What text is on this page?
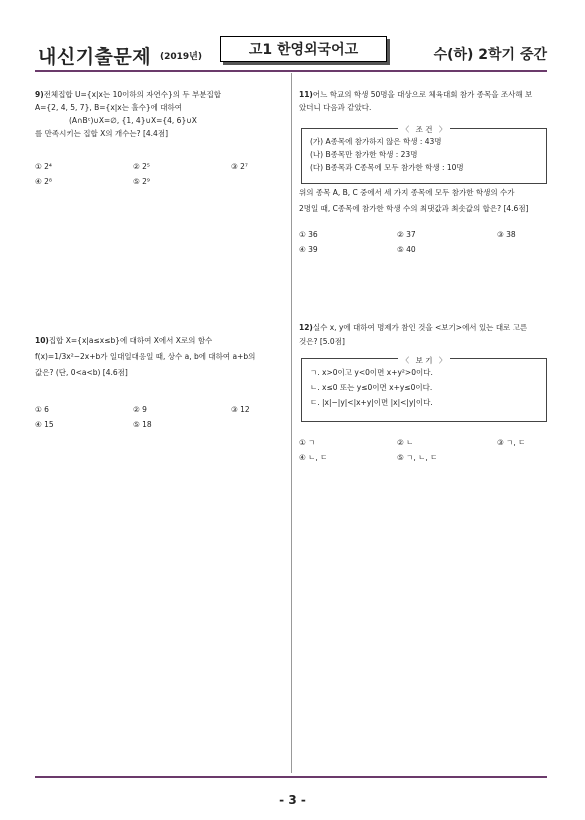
내신기출문제 (2019년)	고1 한영외국어고	수(하) 2학기 중간
9)전체집합 U={x|x는 10이하의 자연수}의 두 부분집합
A={2, 4, 5, 7}, B={x|x는 홀수}에 대하여
(A∩Bᶜ)∪X=∅, {1, 4}∪X={4, 6}∪X
를 만족시키는 집합 X의 개수는? [4.4점]
① 2⁴	② 2⁵	③ 2⁷
④ 2⁸	⑤ 2⁹
10)집합 X={x|a≤x≤b}에 대하여 X에서 X로의 함수
f(x)=1/3x²−2x+b가 일대일대응일 때, 상수 a, b에 대하여 a+b의
값은? (단, 0<a<b) [4.6점]
① 6	② 9	③ 12
④ 15	⑤ 18
11)어느 학교의 학생 50명을 대상으로 체육대회 참가 종목을 조사해 보
았더니 다음과 같았다.
〈 조 건 〉
(가) A종목에 참가하지 않은 학생 : 43명
(나) B종목만 참가한 학생 : 23명
(다) B종목과 C종목에 모두 참가한 학생 : 10명
위의 종목 A, B, C 중에서 세 가지 종목에 모두 참가한 학생의 수가
2명일 때, C종목에 참가한 학생 수의 최댓값과 최솟값의 합은? [4.6점]
① 36	② 37	③ 38
④ 39	⑤ 40
12)실수 x, y에 대하여 명제가 참인 것을 <보기>에서 있는 대로 고른
것은? [5.0점]
〈 보 기 〉
ㄱ. x>0이고 y<0이면 x+y²>0이다.
ㄴ. x≤0 또는 y≤0이면 x+y≤0이다.
ㄷ. |x|−|y|<|x+y|이면 |x|<|y|이다.
① ㄱ	② ㄴ	③ ㄱ, ㄷ
④ ㄴ, ㄷ	⑤ ㄱ, ㄴ, ㄷ
- 3 -
